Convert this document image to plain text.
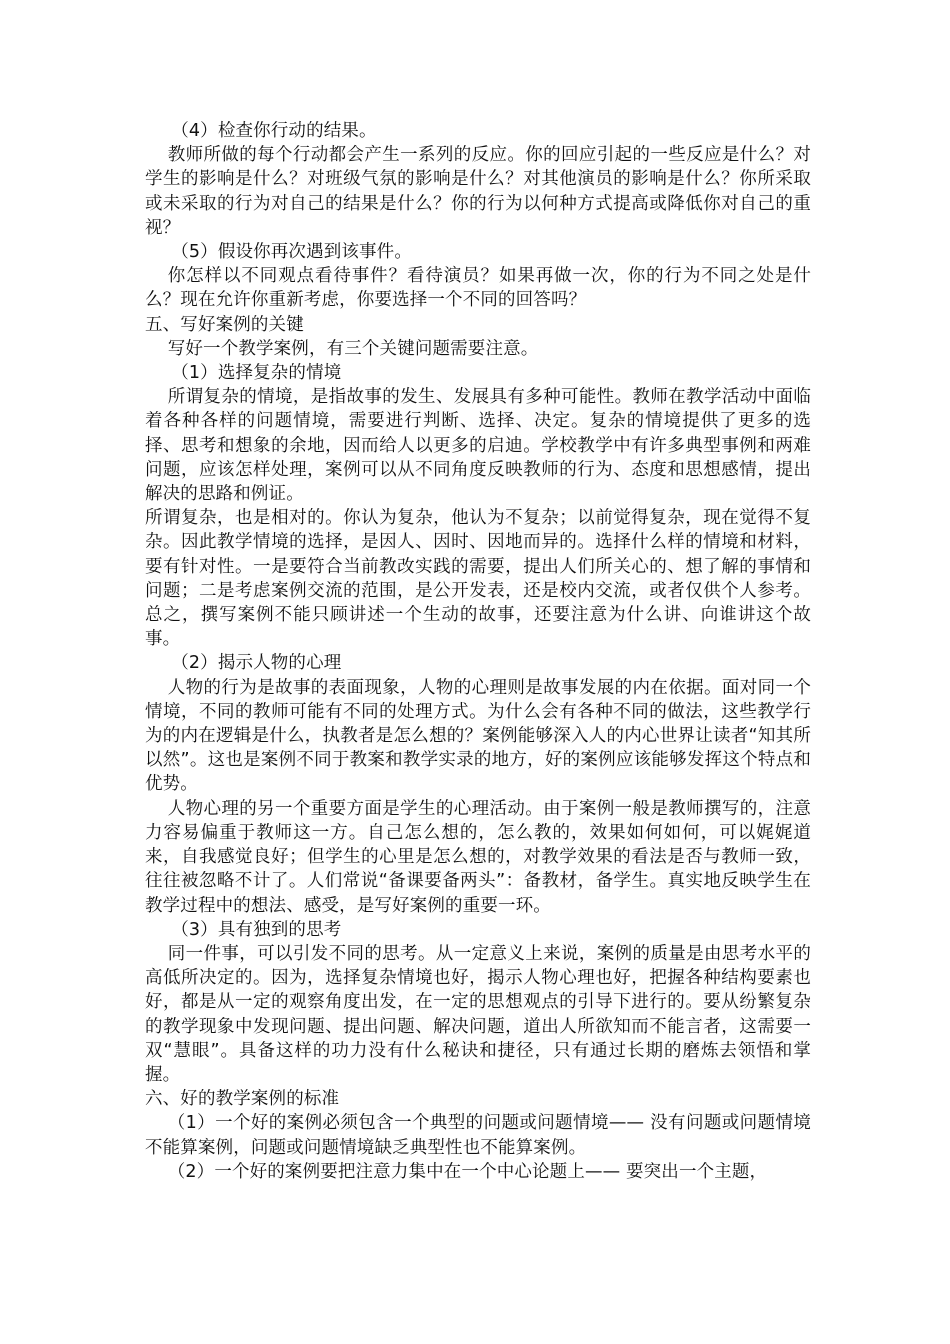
（4）检查你行动的结果。

教师所做的每个行动都会产生一系列的反应。你的回应引起的一些反应是什么？对学生的影响是什么？对班级气氛的影响是什么？对其他演员的影响是什么？你所采取或未采取的行为对自己的结果是什么？你的行为以何种方式提高或降低你对自己的重视？

（5）假设你再次遇到该事件。

你怎样以不同观点看待事件？看待演员？如果再做一次，你的行为不同之处是什么？现在允许你重新考虑，你要选择一个不同的回答吗？

五、写好案例的关键

写好一个教学案例，有三个关键问题需要注意。

（1）选择复杂的情境

所谓复杂的情境，是指故事的发生、发展具有多种可能性。教师在教学活动中面临着各种各样的问题情境，需要进行判断、选择、决定。复杂的情境提供了更多的选择、思考和想象的余地，因而给人以更多的启迪。学校教学中有许多典型事例和两难问题，应该怎样处理，案例可以从不同角度反映教师的行为、态度和思想感情，提出解决的思路和例证。

所谓复杂，也是相对的。你认为复杂，他认为不复杂；以前觉得复杂，现在觉得不复杂。因此教学情境的选择，是因人、因时、因地而异的。选择什么样的情境和材料，要有针对性。一是要符合当前教改实践的需要，提出人们所关心的、想了解的事情和问题；二是考虑案例交流的范围，是公开发表，还是校内交流，或者仅供个人参考。总之，撰写案例不能只顾讲述一个生动的故事，还要注意为什么讲、向谁讲这个故事。

（2）揭示人物的心理

人物的行为是故事的表面现象，人物的心理则是故事发展的内在依据。面对同一个情境，不同的教师可能有不同的处理方式。为什么会有各种不同的做法，这些教学行为的内在逻辑是什么，执教者是怎么想的？案例能够深入人的内心世界让读者“知其所以然”。这也是案例不同于教案和教学实录的地方，好的案例应该能够发挥这个特点和优势。

人物心理的另一个重要方面是学生的心理活动。由于案例一般是教师撰写的，注意力容易偏重于教师这一方。自己怎么想的，怎么教的，效果如何如何，可以娓娓道来，自我感觉良好；但学生的心里是怎么想的，对教学效果的看法是否与教师一致，往往被忽略不计了。人们常说“备课要备两头”：备教材，备学生。真实地反映学生在教学过程中的想法、感受，是写好案例的重要一环。

（3）具有独到的思考

同一件事，可以引发不同的思考。从一定意义上来说，案例的质量是由思考水平的高低所决定的。因为，选择复杂情境也好，揭示人物心理也好，把握各种结构要素也好，都是从一定的观察角度出发，在一定的思想观点的引导下进行的。要从纷繁复杂的教学现象中发现问题、提出问题、解决问题，道出人所欲知而不能言者，这需要一双“慧眼”。具备这样的功力没有什么秘诀和捷径，只有通过长期的磨炼去领悟和掌握。

六、好的教学案例的标准

（1）一个好的案例必须包含一个典型的问题或问题情境—— 没有问题或问题情境不能算案例，问题或问题情境缺乏典型性也不能算案例。

（2）一个好的案例要把注意力集中在一个中心论题上—— 要突出一个主题，
